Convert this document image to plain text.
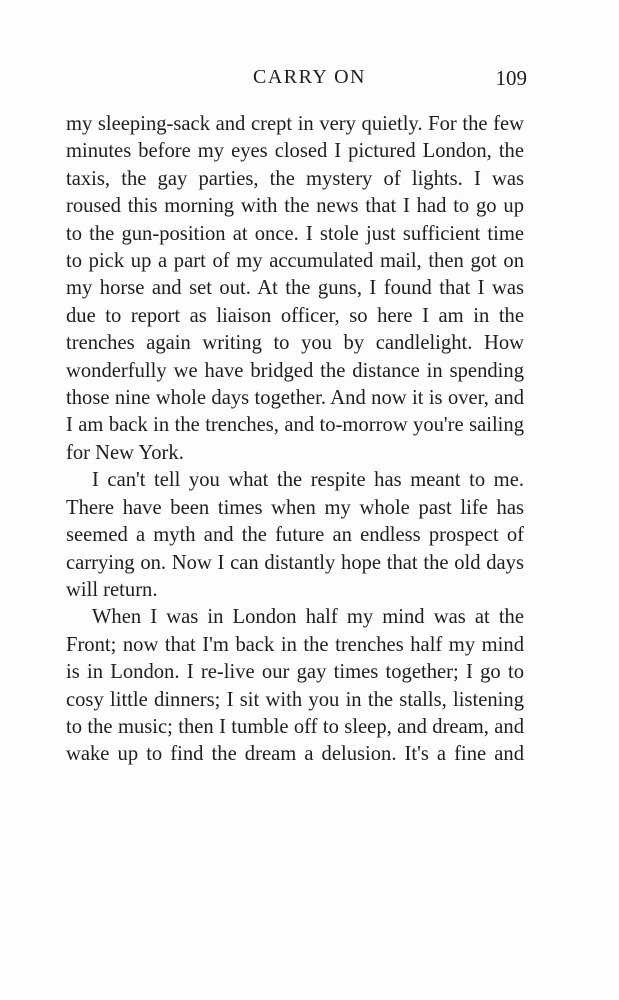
CARRY ON	109

my sleeping-sack and crept in very quietly. For the few minutes before my eyes closed I pictured London, the taxis, the gay parties, the mystery of lights. I was roused this morning with the news that I had to go up to the gun-position at once. I stole just sufficient time to pick up a part of my accumulated mail, then got on my horse and set out. At the guns, I found that I was due to report as liaison officer, so here I am in the trenches again writing to you by candlelight. How wonderfully we have bridged the distance in spending those nine whole days together. And now it is over, and I am back in the trenches, and to-morrow you're sailing for New York.

I can't tell you what the respite has meant to me. There have been times when my whole past life has seemed a myth and the future an endless prospect of carrying on. Now I can distantly hope that the old days will return.

When I was in London half my mind was at the Front; now that I'm back in the trenches half my mind is in London. I re-live our gay times together; I go to cosy little dinners; I sit with you in the stalls, listening to the music; then I tumble off to sleep, and dream, and wake up to find the dream a delusion. It's a fine and
